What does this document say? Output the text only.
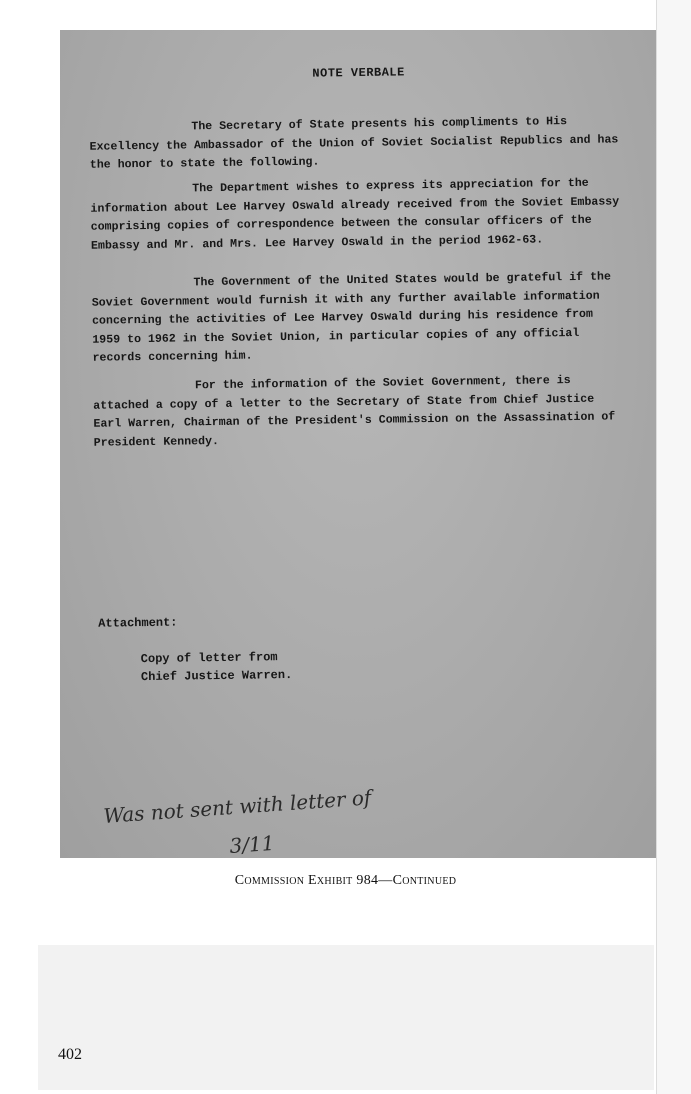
NOTE VERBALE

The Secretary of State presents his compliments to His Excellency the Ambassador of the Union of Soviet Socialist Republics and has the honor to state the following.

The Department wishes to express its appreciation for the information about Lee Harvey Oswald already received from the Soviet Embassy comprising copies of correspondence between the consular officers of the Embassy and Mr. and Mrs. Lee Harvey Oswald in the period 1962-63.

The Government of the United States would be grateful if the Soviet Government would furnish it with any further available information concerning the activities of Lee Harvey Oswald during his residence from 1959 to 1962 in the Soviet Union, in particular copies of any official records concerning him.

For the information of the Soviet Government, there is attached a copy of a letter to the Secretary of State from Chief Justice Earl Warren, Chairman of the President's Commission on the Assassination of President Kennedy.

Attachment:
Copy of letter from
Chief Justice Warren.
Was not sent with letter of
3/11
Commission Exhibit 984—Continued
402
